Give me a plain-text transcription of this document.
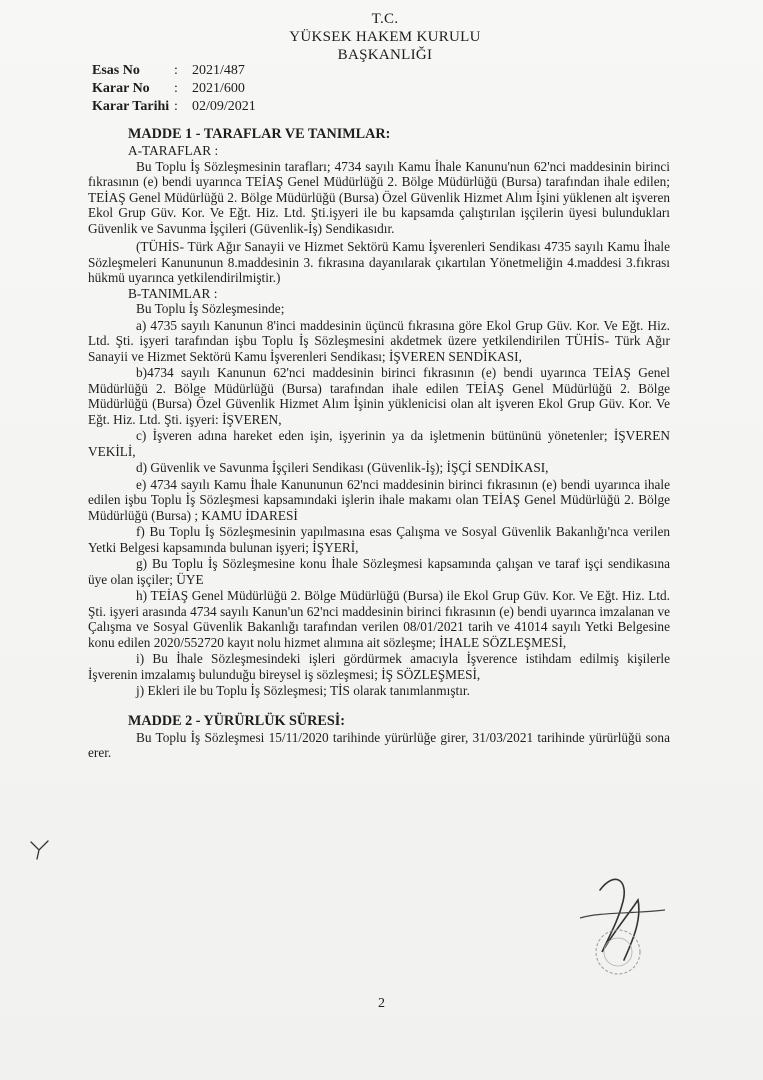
T.C.
YÜKSEK HAKEM KURULU
BAŞKANLIĞI
Esas No	:	2021/487
Karar No	:	2021/600
Karar Tarihi :	02/09/2021

MADDE 1 - TARAFLAR VE TANIMLAR:

A-TARAFLAR :

Bu Toplu İş Sözleşmesinin tarafları; 4734 sayılı Kamu İhale Kanunu'nun 62'nci maddesinin birinci fıkrasının (e) bendi uyarınca TEİAŞ Genel Müdürlüğü 2. Bölge Müdürlüğü (Bursa) tarafından ihale edilen; TEİAŞ Genel Müdürlüğü 2. Bölge Müdürlüğü (Bursa) Özel Güvenlik Hizmet Alım İşini yüklenen alt işveren Ekol Grup Güv. Kor. Ve Eğt. Hiz. Ltd. Şti.işyeri ile bu kapsamda çalıştırılan işçilerin üyesi bulundukları Güvenlik ve Savunma İşçileri (Güvenlik-İş) Sendikasıdır.

(TÜHİS- Türk Ağır Sanayii ve Hizmet Sektörü Kamu İşverenleri Sendikası 4735 sayılı Kamu İhale Sözleşmeleri Kanununun 8.maddesinin 3. fıkrasına dayanılarak çıkartılan Yönetmeliğin 4.maddesi 3.fıkrası hükmü uyarınca yetkilendirilmiştir.)

B-TANIMLAR :

Bu Toplu İş Sözleşmesinde;

a) 4735 sayılı Kanunun 8'inci maddesinin üçüncü fıkrasına göre Ekol Grup Güv. Kor. Ve Eğt. Hiz. Ltd. Şti. işyeri tarafından işbu Toplu İş Sözleşmesini akdetmek üzere yetkilendirilen TÜHİS- Türk Ağır Sanayii ve Hizmet Sektörü Kamu İşverenleri Sendikası; İŞVEREN SENDİKASI,

b)4734 sayılı Kanunun 62'nci maddesinin birinci fıkrasının (e) bendi uyarınca TEİAŞ Genel Müdürlüğü 2. Bölge Müdürlüğü (Bursa) tarafından ihale edilen TEİAŞ Genel Müdürlüğü 2. Bölge Müdürlüğü (Bursa) Özel Güvenlik Hizmet Alım İşinin yüklenicisi olan alt işveren Ekol Grup Güv. Kor. Ve Eğt. Hiz. Ltd. Şti. işyeri: İŞVEREN,

c) İşveren adına hareket eden işin, işyerinin ya da işletmenin bütününü yönetenler; İŞVEREN VEKİLİ,

d) Güvenlik ve Savunma İşçileri Sendikası (Güvenlik-İş); İŞÇİ SENDİKASI,

e) 4734 sayılı Kamu İhale Kanununun 62'nci maddesinin birinci fıkrasının (e) bendi uyarınca ihale edilen işbu Toplu İş Sözleşmesi kapsamındaki işlerin ihale makamı olan TEİAŞ Genel Müdürlüğü 2. Bölge Müdürlüğü (Bursa) ; KAMU İDARESİ

f) Bu Toplu İş Sözleşmesinin yapılmasına esas Çalışma ve Sosyal Güvenlik Bakanlığı'nca verilen Yetki Belgesi kapsamında bulunan işyeri; İŞYERİ,

g) Bu Toplu İş Sözleşmesine konu İhale Sözleşmesi kapsamında çalışan ve taraf işçi sendikasına üye olan işçiler; ÜYE

h) TEİAŞ Genel Müdürlüğü 2. Bölge Müdürlüğü (Bursa) ile Ekol Grup Güv. Kor. Ve Eğt. Hiz. Ltd. Şti. işyeri arasında 4734 sayılı Kanun'un 62'nci maddesinin birinci fıkrasının (e) bendi uyarınca imzalanan ve Çalışma ve Sosyal Güvenlik Bakanlığı tarafından verilen 08/01/2021 tarih ve 41014 sayılı Yetki Belgesine konu edilen 2020/552720 kayıt nolu hizmet alımına ait sözleşme; İHALE SÖZLEŞMESİ,

i) Bu İhale Sözleşmesindeki işleri gördürmek amacıyla İşverence istihdam edilmiş kişilerle İşverenin imzalamış bulunduğu bireysel iş sözleşmesi; İŞ SÖZLEŞMESİ,

j) Ekleri ile bu Toplu İş Sözleşmesi; TİS olarak tanımlanmıştır.

MADDE 2 - YÜRÜRLÜK SÜRESİ:

Bu Toplu İş Sözleşmesi 15/11/2020 tarihinde yürürlüğe girer, 31/03/2021 tarihinde yürürlüğü sona erer.

2
